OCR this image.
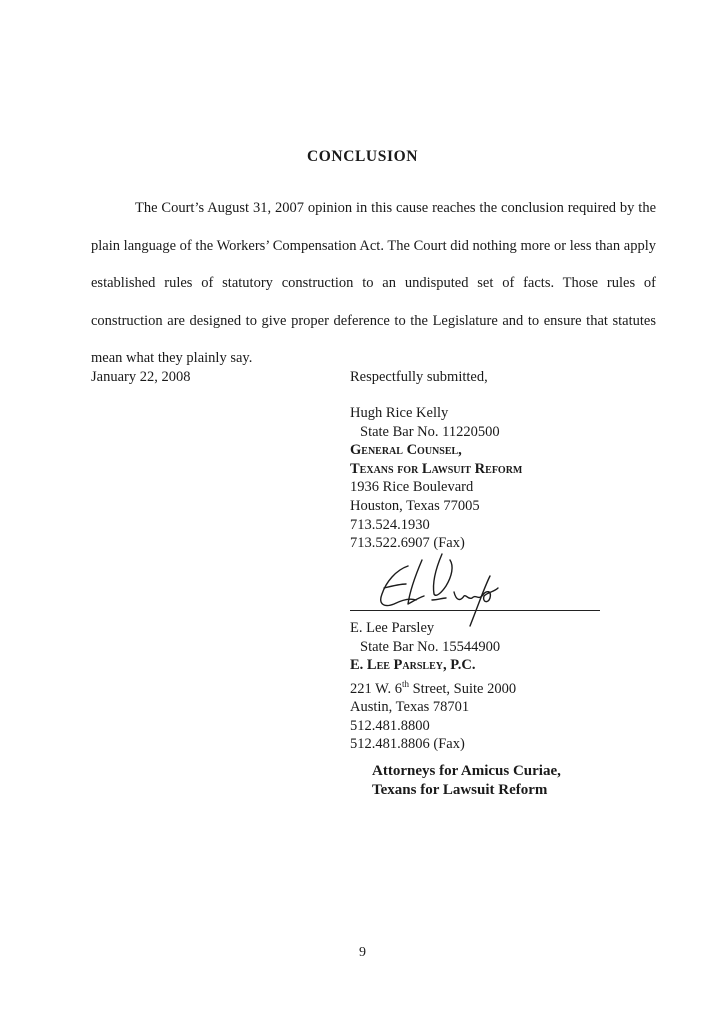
CONCLUSION
The Court’s August 31, 2007 opinion in this cause reaches the conclusion required by the plain language of the Workers’ Compensation Act. The Court did nothing more or less than apply established rules of statutory construction to an undisputed set of facts. Those rules of construction are designed to give proper deference to the Legislature and to ensure that statutes mean what they plainly say.
January 22, 2008	Respectfully submitted,
Hugh Rice Kelly
State Bar No. 11220500
General Counsel,
Texans for Lawsuit Reform
1936 Rice Boulevard
Houston, Texas 77005
713.524.1930
713.522.6907 (Fax)
E. Lee Parsley
State Bar No. 15544900
E. Lee Parsley, P.C.
221 W. 6th Street, Suite 2000
Austin, Texas 78701
512.481.8800
512.481.8806 (Fax)
Attorneys for Amicus Curiae,
Texans for Lawsuit Reform
9
